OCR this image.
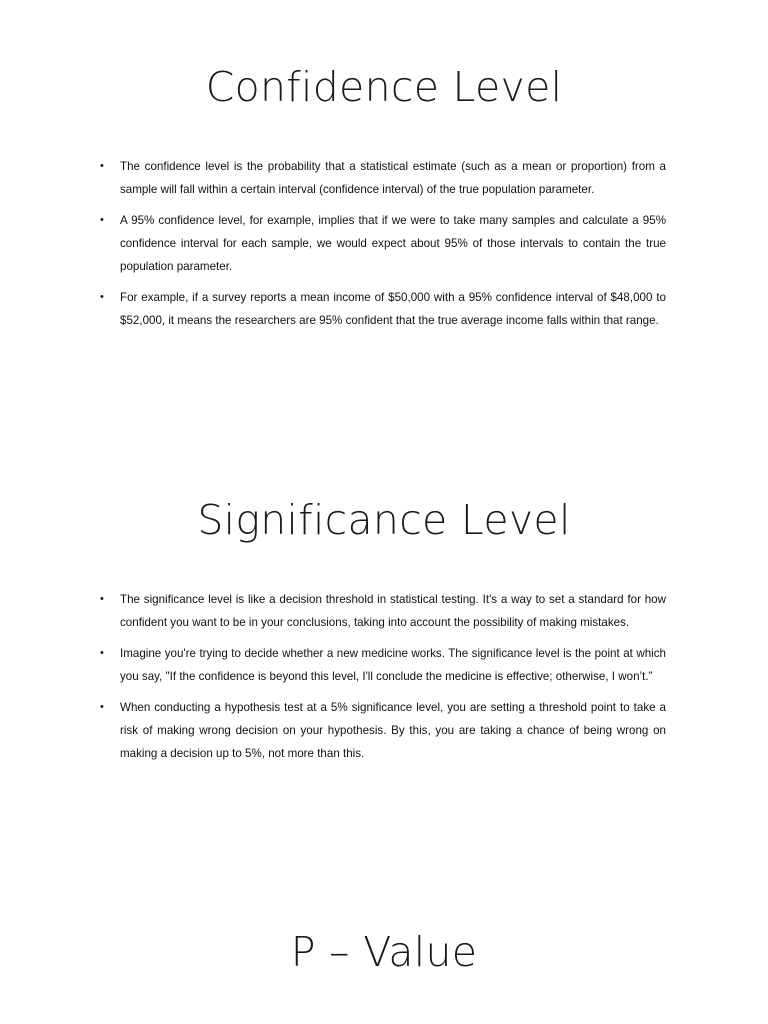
Confidence Level
• The confidence level is the probability that a statistical estimate (such as a mean or proportion) from a sample will fall within a certain interval (confidence interval) of the true population parameter.
• A 95% confidence level, for example, implies that if we were to take many samples and calculate a 95% confidence interval for each sample, we would expect about 95% of those intervals to contain the true population parameter.
• For example, if a survey reports a mean income of $50,000 with a 95% confidence interval of $48,000 to $52,000, it means the researchers are 95% confident that the true average income falls within that range.
Significance Level
• The significance level is like a decision threshold in statistical testing. It's a way to set a standard for how confident you want to be in your conclusions, taking into account the possibility of making mistakes.
• Imagine you're trying to decide whether a new medicine works. The significance level is the point at which you say, "If the confidence is beyond this level, I'll conclude the medicine is effective; otherwise, I won’t.”
• When conducting a hypothesis test at a 5% significance level, you are setting a threshold point to take a risk of making wrong decision on your hypothesis. By this, you are taking a chance of being wrong on making a decision up to 5%, not more than this.
P – Value
